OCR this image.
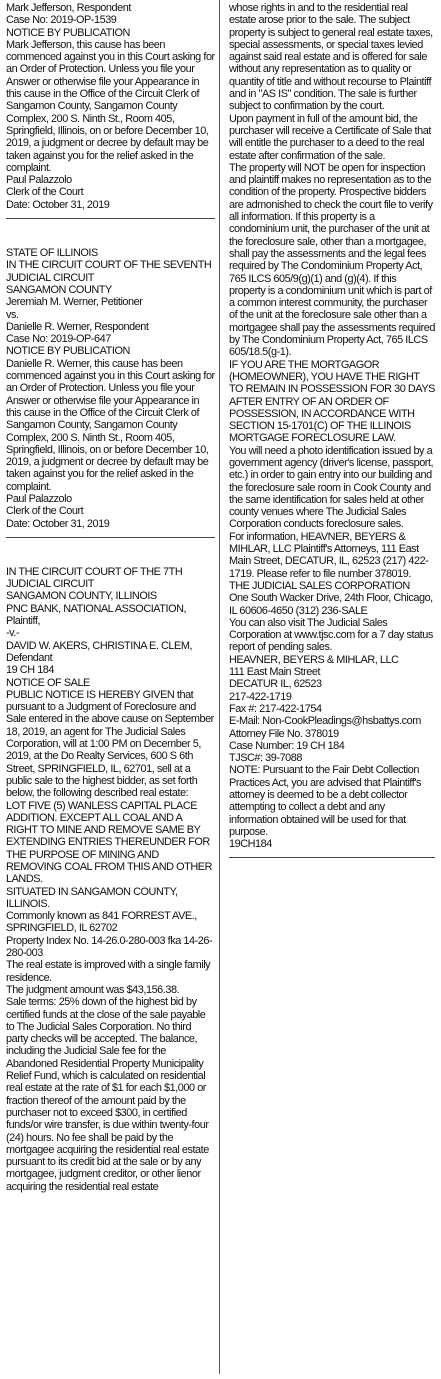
Mark Jefferson, Respondent

Case No: 2019-OP-1539

NOTICE BY PUBLICATION

Mark Jefferson, this cause has been commenced against you in this Court asking for an Order of Protection. Unless you file your Answer or otherwise file your Appearance in this cause in the Office of the Circuit Clerk of Sangamon County, Sangamon County Complex, 200 S. Ninth St., Room 405, Springfield, Illinois, on or before December 10, 2019, a judgment or decree by default may be taken against you for the relief asked in the complaint.

Paul Palazzolo

Clerk of the Court

Date: October 31, 2019

STATE OF ILLINOIS

IN THE CIRCUIT COURT OF THE SEVENTH JUDICIAL CIRCUIT

SANGAMON COUNTY

Jeremiah M. Werner, Petitioner

vs.

Danielle R. Werner, Respondent

Case No: 2019-OP-647

NOTICE BY PUBLICATION

Danielle R. Werner, this cause has been commenced against you in this Court asking for an Order of Protection. Unless you file your Answer or otherwise file your Appearance in this cause in the Office of the Circuit Clerk of Sangamon County, Sangamon County Complex, 200 S. Ninth St., Room 405, Springfield, Illinois, on or before December 10, 2019, a judgment or decree by default may be taken against you for the relief asked in the complaint.

Paul Palazzolo

Clerk of the Court

Date: October 31, 2019

IN THE CIRCUIT COURT OF THE 7TH JUDICIAL CIRCUIT

SANGAMON COUNTY, ILLINOIS

PNC BANK, NATIONAL ASSOCIATION, Plaintiff,

-v.-

DAVID W. AKERS, CHRISTINA E. CLEM, Defendant

19 CH 184

NOTICE OF SALE

PUBLIC NOTICE IS HEREBY GIVEN that pursuant to a Judgment of Foreclosure and Sale entered in the above cause on September 18, 2019, an agent for The Judicial Sales Corporation, will at 1:00 PM on December 5, 2019, at the Do Realty Services, 600 S 6th Street, SPRINGFIELD, IL, 62701, sell at a public sale to the highest bidder, as set forth below, the following described real estate:

LOT FIVE (5) WANLESS CAPITAL PLACE ADDITION. EXCEPT ALL COAL AND A RIGHT TO MINE AND REMOVE SAME BY EXTENDING ENTRIES THEREUNDER FOR THE PURPOSE OF MINING AND REMOVING COAL FROM THIS AND OTHER LANDS.

SITUATED IN SANGAMON COUNTY, ILLINOIS.

Commonly known as 841 FORREST AVE., SPRINGFIELD, IL 62702

Property Index No. 14-26.0-280-003 fka 14-26-280-003

The real estate is improved with a single family residence.

The judgment amount was $43,156.38.

Sale terms: 25% down of the highest bid by certified funds at the close of the sale payable to The Judicial Sales Corporation. No third party checks will be accepted. The balance, including the Judicial Sale fee for the Abandoned Residential Property Municipality Relief Fund, which is calculated on residential real estate at the rate of $1 for each $1,000 or fraction thereof of the amount paid by the purchaser not to exceed $300, in certified funds/or wire transfer, is due within twenty-four (24) hours. No fee shall be paid by the mortgagee acquiring the residential real estate pursuant to its credit bid at the sale or by any mortgagee, judgment creditor, or other lienor acquiring the residential real estate

whose rights in and to the residential real estate arose prior to the sale. The subject property is subject to general real estate taxes, special assessments, or special taxes levied against said real estate and is offered for sale without any representation as to quality or quantity of title and without recourse to Plaintiff and in "AS IS" condition. The sale is further subject to confirmation by the court.

Upon payment in full of the amount bid, the purchaser will receive a Certificate of Sale that will entitle the purchaser to a deed to the real estate after confirmation of the sale.

The property will NOT be open for inspection and plaintiff makes no representation as to the condition of the property. Prospective bidders are admonished to check the court file to verify all information. If this property is a condominium unit, the purchaser of the unit at the foreclosure sale, other than a mortgagee, shall pay the assessments and the legal fees required by The Condominium Property Act, 765 ILCS 605/9(g)(1) and (g)(4). If this property is a condominium unit which is part of a common interest community, the purchaser of the unit at the foreclosure sale other than a mortgagee shall pay the assessments required by The Condominium Property Act, 765 ILCS 605/18.5(g-1).

IF YOU ARE THE MORTGAGOR (HOMEOWNER), YOU HAVE THE RIGHT TO REMAIN IN POSSESSION FOR 30 DAYS AFTER ENTRY OF AN ORDER OF POSSESSION, IN ACCORDANCE WITH SECTION 15-1701(C) OF THE ILLINOIS MORTGAGE FORECLOSURE LAW.

You will need a photo identification issued by a government agency (driver's license, passport, etc.) in order to gain entry into our building and the foreclosure sale room in Cook County and the same identification for sales held at other county venues where The Judicial Sales Corporation conducts foreclosure sales.

For information, HEAVNER, BEYERS & MIHLAR, LLC Plaintiff's Attorneys, 111 East Main Street, DECATUR, IL, 62523 (217) 422-1719. Please refer to file number 378019.

THE JUDICIAL SALES CORPORATION

One South Wacker Drive, 24th Floor, Chicago, IL 60606-4650 (312) 236-SALE

You can also visit The Judicial Sales Corporation at www.tjsc.com for a 7 day status report of pending sales.

HEAVNER, BEYERS & MIHLAR, LLC

111 East Main Street

DECATUR IL, 62523

217-422-1719

Fax #: 217-422-1754

E-Mail: Non-CookPleadings@hsbattys.com

Attorney File No. 378019

Case Number: 19 CH 184

TJSC#: 39-7088

NOTE: Pursuant to the Fair Debt Collection Practices Act, you are advised that Plaintiff's attorney is deemed to be a debt collector attempting to collect a debt and any information obtained will be used for that purpose.

19CH184
